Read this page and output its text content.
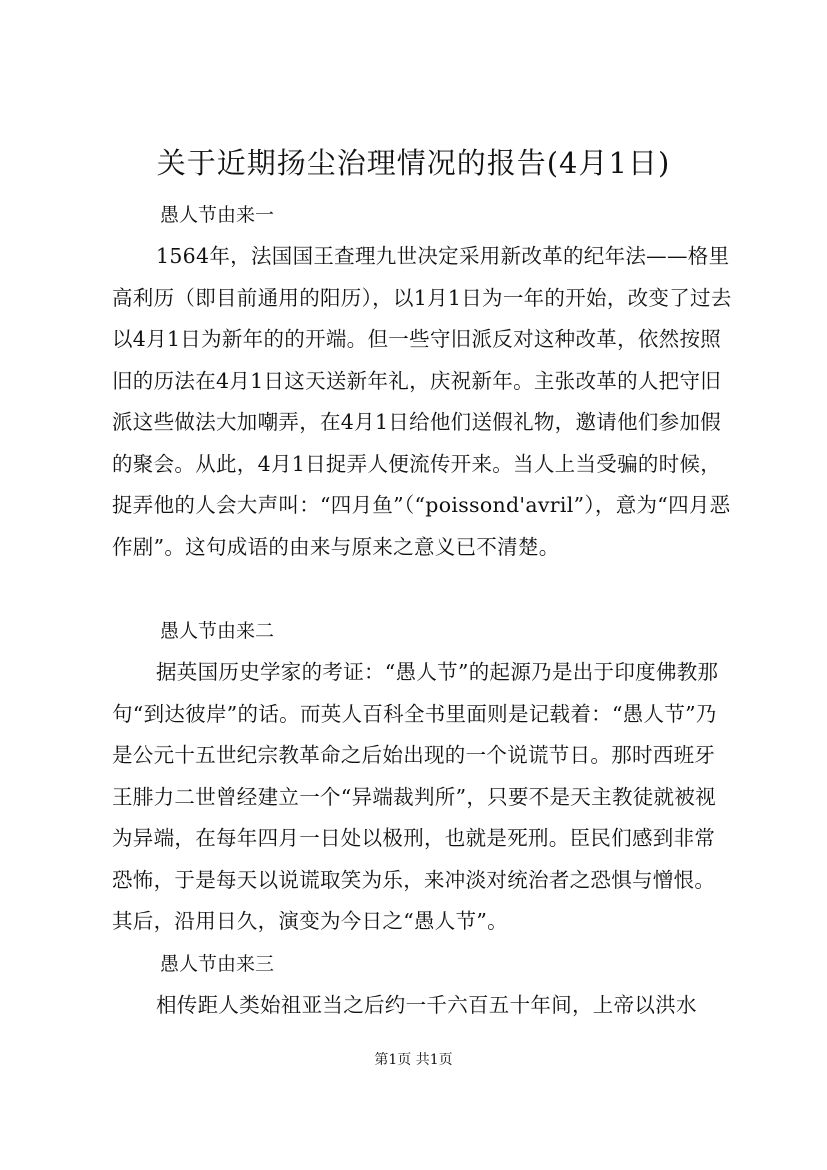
关于近期扬尘治理情况的报告(4月1日)
愚人节由来一
1564年，法国国王查理九世决定采用新改革的纪年法——格里高利历（即目前通用的阳历），以1月1日为一年的开始，改变了过去以4月1日为新年的的开端。但一些守旧派反对这种改革，依然按照旧的历法在4月1日这天送新年礼，庆祝新年。主张改革的人把守旧派这些做法大加嘲弄，在4月1日给他们送假礼物，邀请他们参加假的聚会。从此，4月1日捉弄人便流传开来。当人上当受骗的时候，捉弄他的人会大声叫：“四月鱼”（“poissond'avril”），意为“四月恶作剧”。这句成语的由来与原来之意义已不清楚。
愚人节由来二
据英国历史学家的考证：“愚人节”的起源乃是出于印度佛教那句“到达彼岸”的话。而英人百科全书里面则是记载着：“愚人节”乃是公元十五世纪宗教革命之后始出现的一个说谎节日。那时西班牙王腓力二世曾经建立一个“异端裁判所”，只要不是天主教徒就被视为异端，在每年四月一日处以极刑，也就是死刑。臣民们感到非常恐怖，于是每天以说谎取笑为乐，来冲淡对统治者之恐惧与憎恨。其后，沿用日久，演变为今日之“愚人节”。
愚人节由来三
相传距人类始祖亚当之后约一千六百五十年间，上帝以洪水
第1页 共1页
